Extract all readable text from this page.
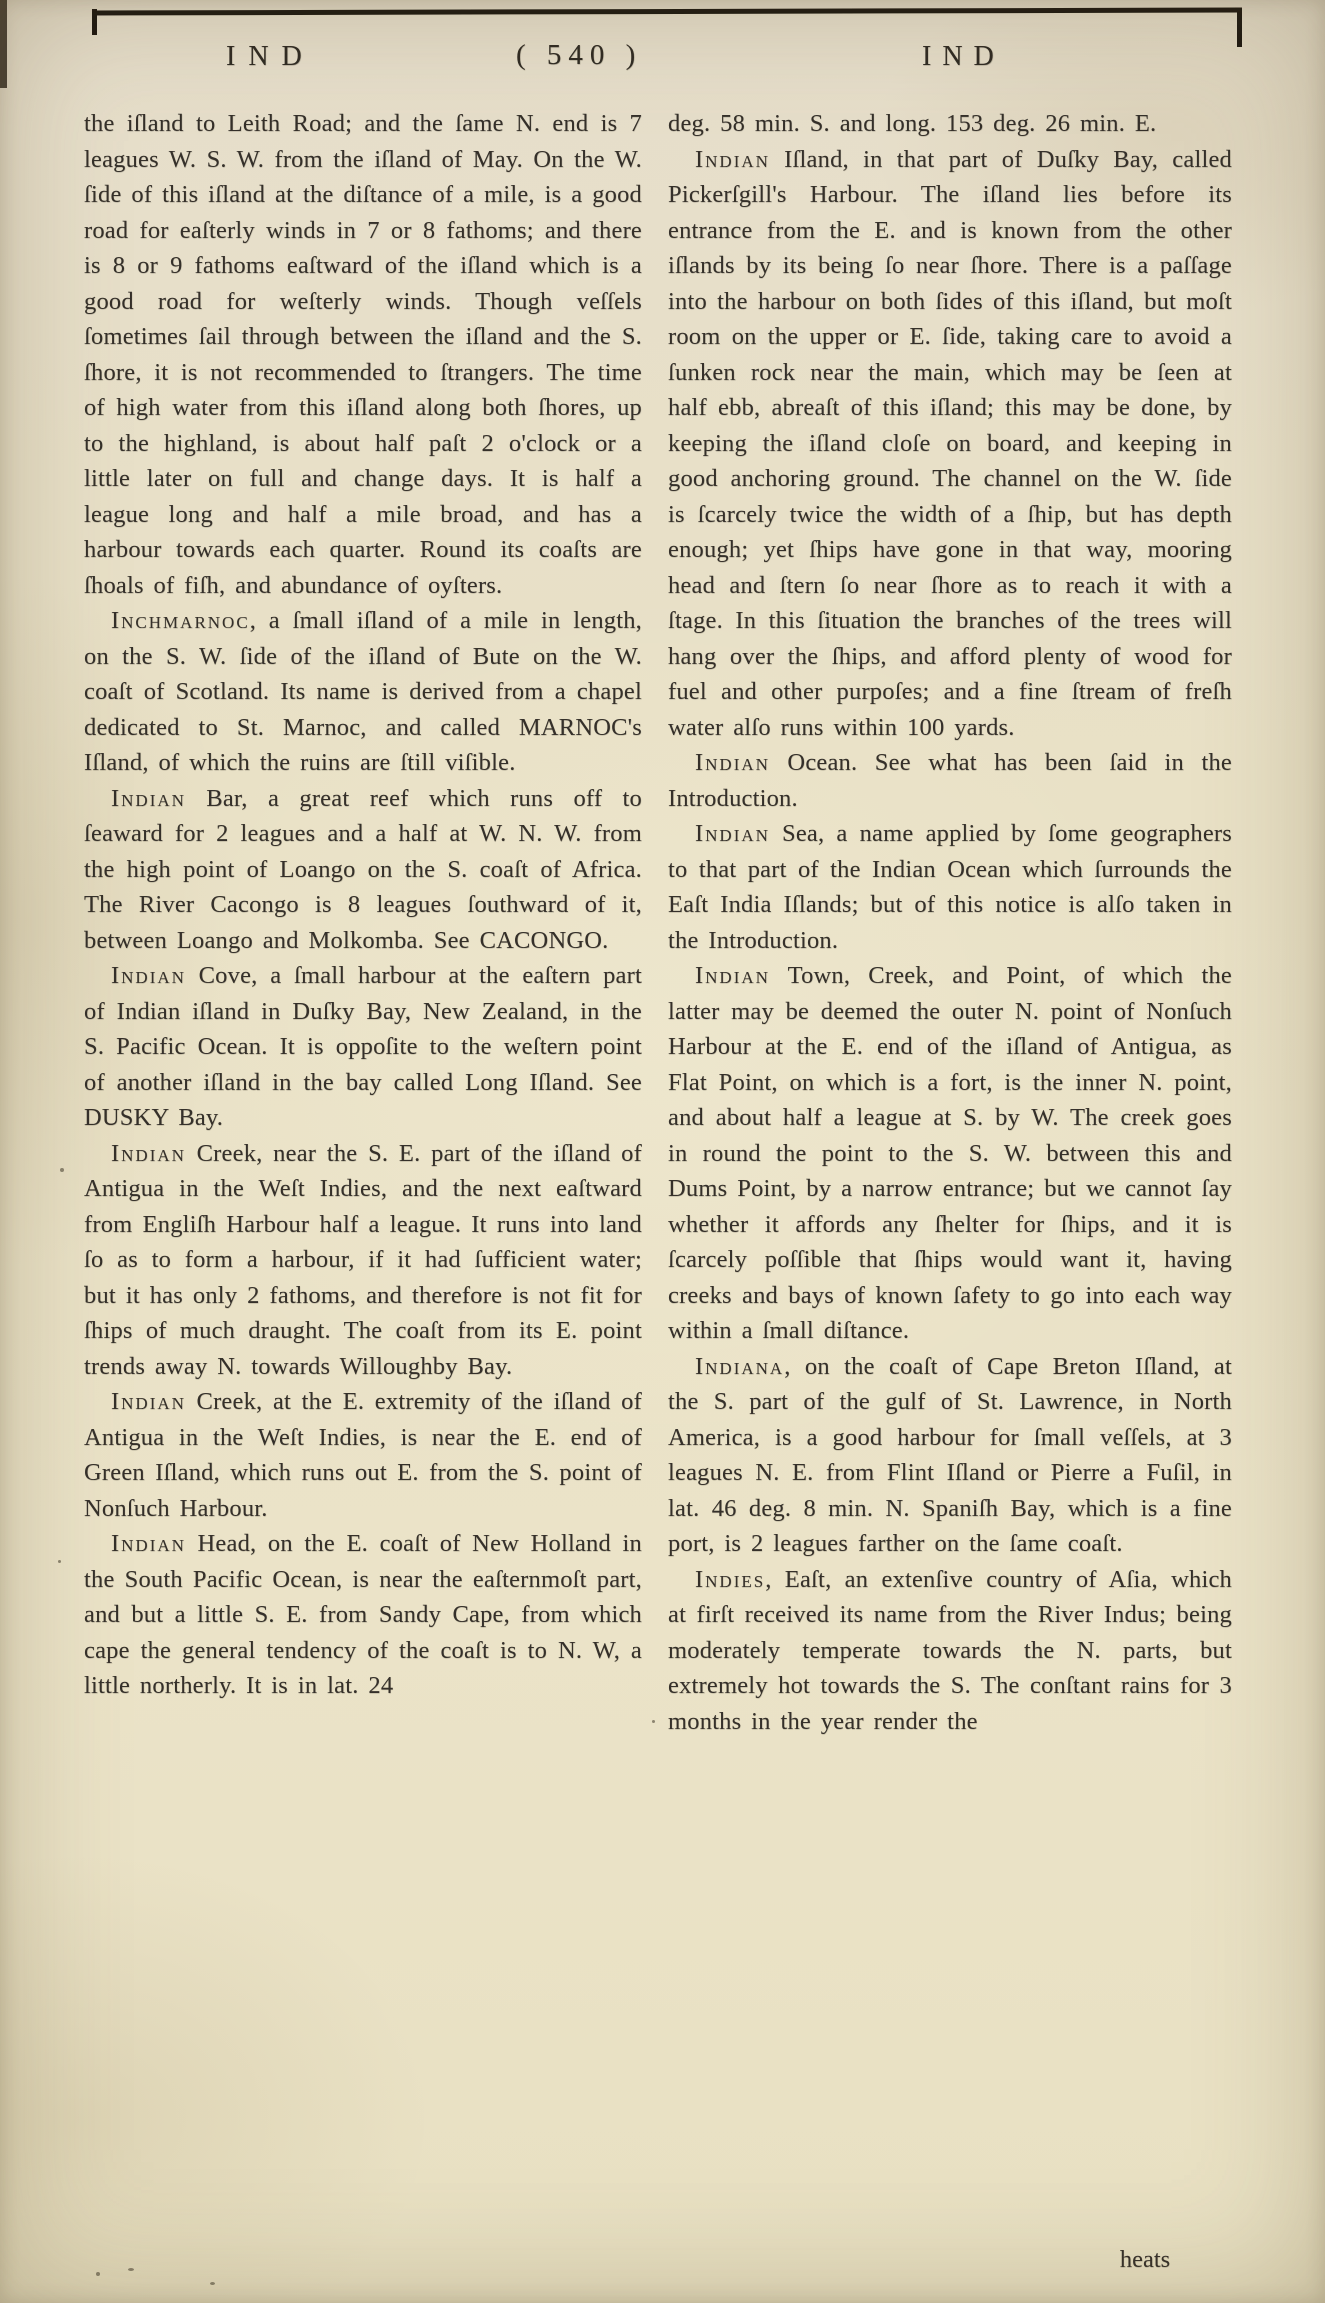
IND	( 540 )	IND

the iſland to Leith Road; and the ſame N. end is 7 leagues W. S. W. from the iſland of May. On the W. ſide of this iſland at the diſtance of a mile, is a good road for eaſterly winds in 7 or 8 fathoms; and there is 8 or 9 fathoms eaſtward of the iſland which is a good road for weſterly winds. Though veſſels ſometimes ſail through between the iſland and the S. ſhore, it is not recommended to ſtrangers. The time of high water from this iſland along both ſhores, up to the highland, is about half paſt 2 o'clock or a little later on full and change days. It is half a league long and half a mile broad, and has a harbour towards each quarter. Round its coaſts are ſhoals of fiſh, and abundance of oyſters.

Inchmarnoc, a ſmall iſland of a mile in length, on the S. W. ſide of the iſland of Bute on the W. coaſt of Scotland. Its name is derived from a chapel dedicated to St. Marnoc, and called MARNOC's Iſland, of which the ruins are ſtill viſible.

Indian Bar, a great reef which runs off to ſeaward for 2 leagues and a half at W. N. W. from the high point of Loango on the S. coaſt of Africa. The River Cacongo is 8 leagues ſouthward of it, between Loango and Molkomba. See CACONGO.

Indian Cove, a ſmall harbour at the eaſtern part of Indian iſland in Duſky Bay, New Zealand, in the S. Pacific Ocean. It is oppoſite to the weſtern point of another iſland in the bay called Long Iſland. See DUSKY Bay.

Indian Creek, near the S. E. part of the iſland of Antigua in the Weſt Indies, and the next eaſtward from Engliſh Harbour half a league. It runs into land ſo as to form a harbour, if it had ſufficient water; but it has only 2 fathoms, and therefore is not fit for ſhips of much draught. The coaſt from its E. point trends away N. towards Willoughby Bay.

Indian Creek, at the E. extremity of the iſland of Antigua in the Weſt Indies, is near the E. end of Green Iſland, which runs out E. from the S. point of Nonſuch Harbour.

Indian Head, on the E. coaſt of New Holland in the South Pacific Ocean, is near the eaſternmoſt part, and but a little S. E. from Sandy Cape, from which cape the general tendency of the coaſt is to N. W, a little northerly. It is in lat. 24

deg. 58 min. S. and long. 153 deg. 26 min. E.

Indian Iſland, in that part of Duſky Bay, called Pickerſgill's Harbour. The iſland lies before its entrance from the E. and is known from the other iſlands by its being ſo near ſhore. There is a paſſage into the harbour on both ſides of this iſland, but moſt room on the upper or E. ſide, taking care to avoid a ſunken rock near the main, which may be ſeen at half ebb, abreaſt of this iſland; this may be done, by keeping the iſland cloſe on board, and keeping in good anchoring ground. The channel on the W. ſide is ſcarcely twice the width of a ſhip, but has depth enough; yet ſhips have gone in that way, mooring head and ſtern ſo near ſhore as to reach it with a ſtage. In this ſituation the branches of the trees will hang over the ſhips, and afford plenty of wood for fuel and other purpoſes; and a fine ſtream of freſh water alſo runs within 100 yards.

Indian Ocean. See what has been ſaid in the Introduction.

Indian Sea, a name applied by ſome geographers to that part of the Indian Ocean which ſurrounds the Eaſt India Iſlands; but of this notice is alſo taken in the Introduction.

Indian Town, Creek, and Point, of which the latter may be deemed the outer N. point of Nonſuch Harbour at the E. end of the iſland of Antigua, as Flat Point, on which is a fort, is the inner N. point, and about half a league at S. by W. The creek goes in round the point to the S. W. between this and Dums Point, by a narrow entrance; but we cannot ſay whether it affords any ſhelter for ſhips, and it is ſcarcely poſſible that ſhips would want it, having creeks and bays of known ſafety to go into each way within a ſmall diſtance.

Indiana, on the coaſt of Cape Breton Iſland, at the S. part of the gulf of St. Lawrence, in North America, is a good harbour for ſmall veſſels, at 3 leagues N. E. from Flint Iſland or Pierre a Fuſil, in lat. 46 deg. 8 min. N. Spaniſh Bay, which is a fine port, is 2 leagues farther on the ſame coaſt.

Indies, Eaſt, an extenſive country of Aſia, which at firſt received its name from the River Indus; being moderately temperate towards the N. parts, but extremely hot towards the S. The conſtant rains for 3 months in the year render the

heats
